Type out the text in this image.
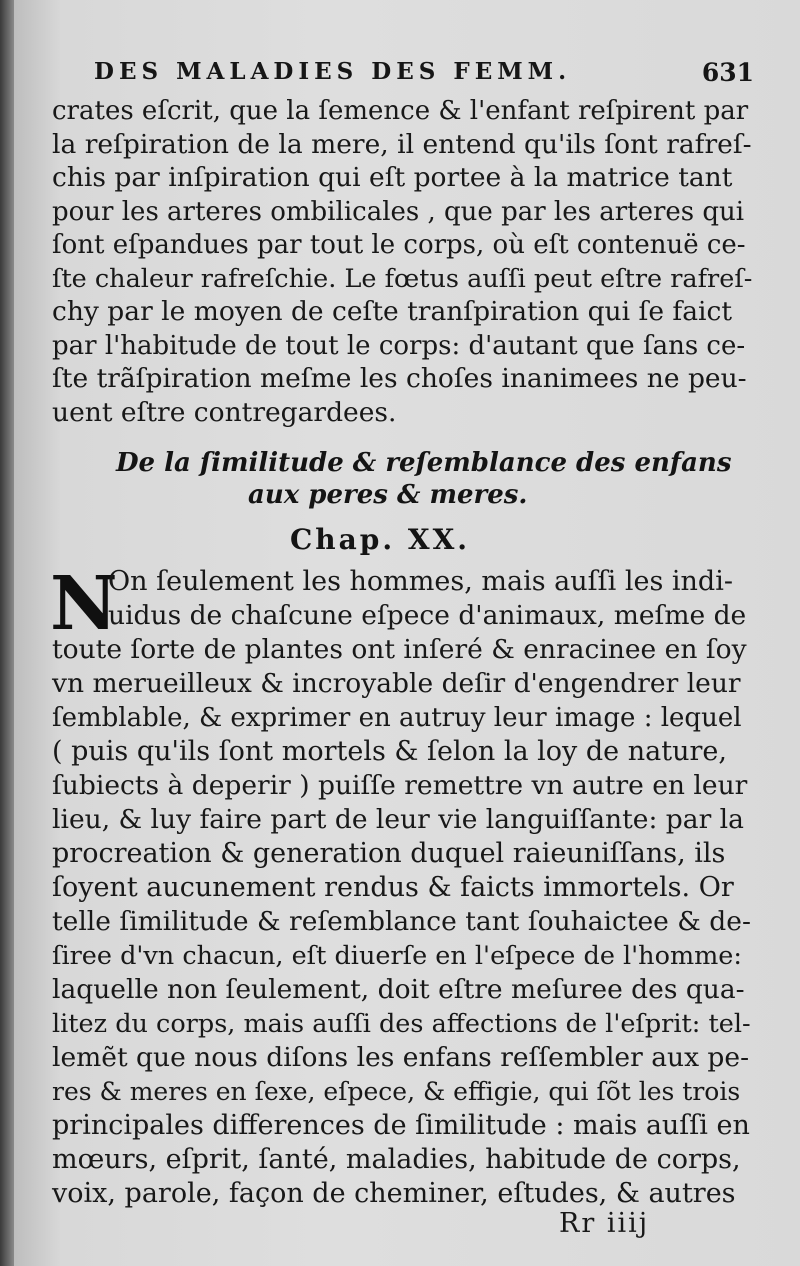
DES MALADIES DES FEMM.	631
crates eſcrit, que la ſemence & l'enfant reſpirent par
la reſpiration de la mere, il entend qu'ils ſont rafreſ-
chis par inſpiration qui eſt portee à la matrice tant
pour les arteres ombilicales , que par les arteres qui
ſont eſpandues par tout le corps, où eſt contenuë ce-
ſte chaleur rafreſchie. Le fœtus auſſi peut eſtre rafreſ-
chy par le moyen de ceſte tranſpiration qui ſe faict
par l'habitude de tout le corps: d'autant que ſans ce-
ſte trãſpiration meſme les choſes inanimees ne peu-
uent eſtre contregardees.
De la ſimilitude & reſemblance des enfans
aux peres & meres.
Chap. XX.
N
On ſeulement les hommes, mais auſſi les indi-
uidus de chaſcune eſpece d'animaux, meſme de
toute ſorte de plantes ont inſeré & enracinee en ſoy
vn merueilleux & incroyable deſir d'engendrer leur
ſemblable, & exprimer en autruy leur image : lequel
( puis qu'ils ſont mortels & ſelon la loy de nature,
ſubiects à deperir ) puiſſe remettre vn autre en leur
lieu, & luy faire part de leur vie languiſſante: par la
procreation & generation duquel raieuniſſans, ils
ſoyent aucunement rendus & faicts immortels. Or
telle ſimilitude & reſemblance tant ſouhaictee & de-
ſiree d'vn chacun, eſt diuerſe en l'eſpece de l'homme:
laquelle non ſeulement, doit eſtre meſuree des qua-
litez du corps, mais auſſi des affections de l'eſprit: tel-
lemẽt que nous diſons les enfans reſſembler aux pe-
res & meres en ſexe, eſpece, & effigie, qui ſõt les trois
principales differences de ſimilitude : mais auſſi en
mœurs, eſprit, ſanté, maladies, habitude de corps,
voix, parole, façon de cheminer, eſtudes, & autres
Rr iiij
